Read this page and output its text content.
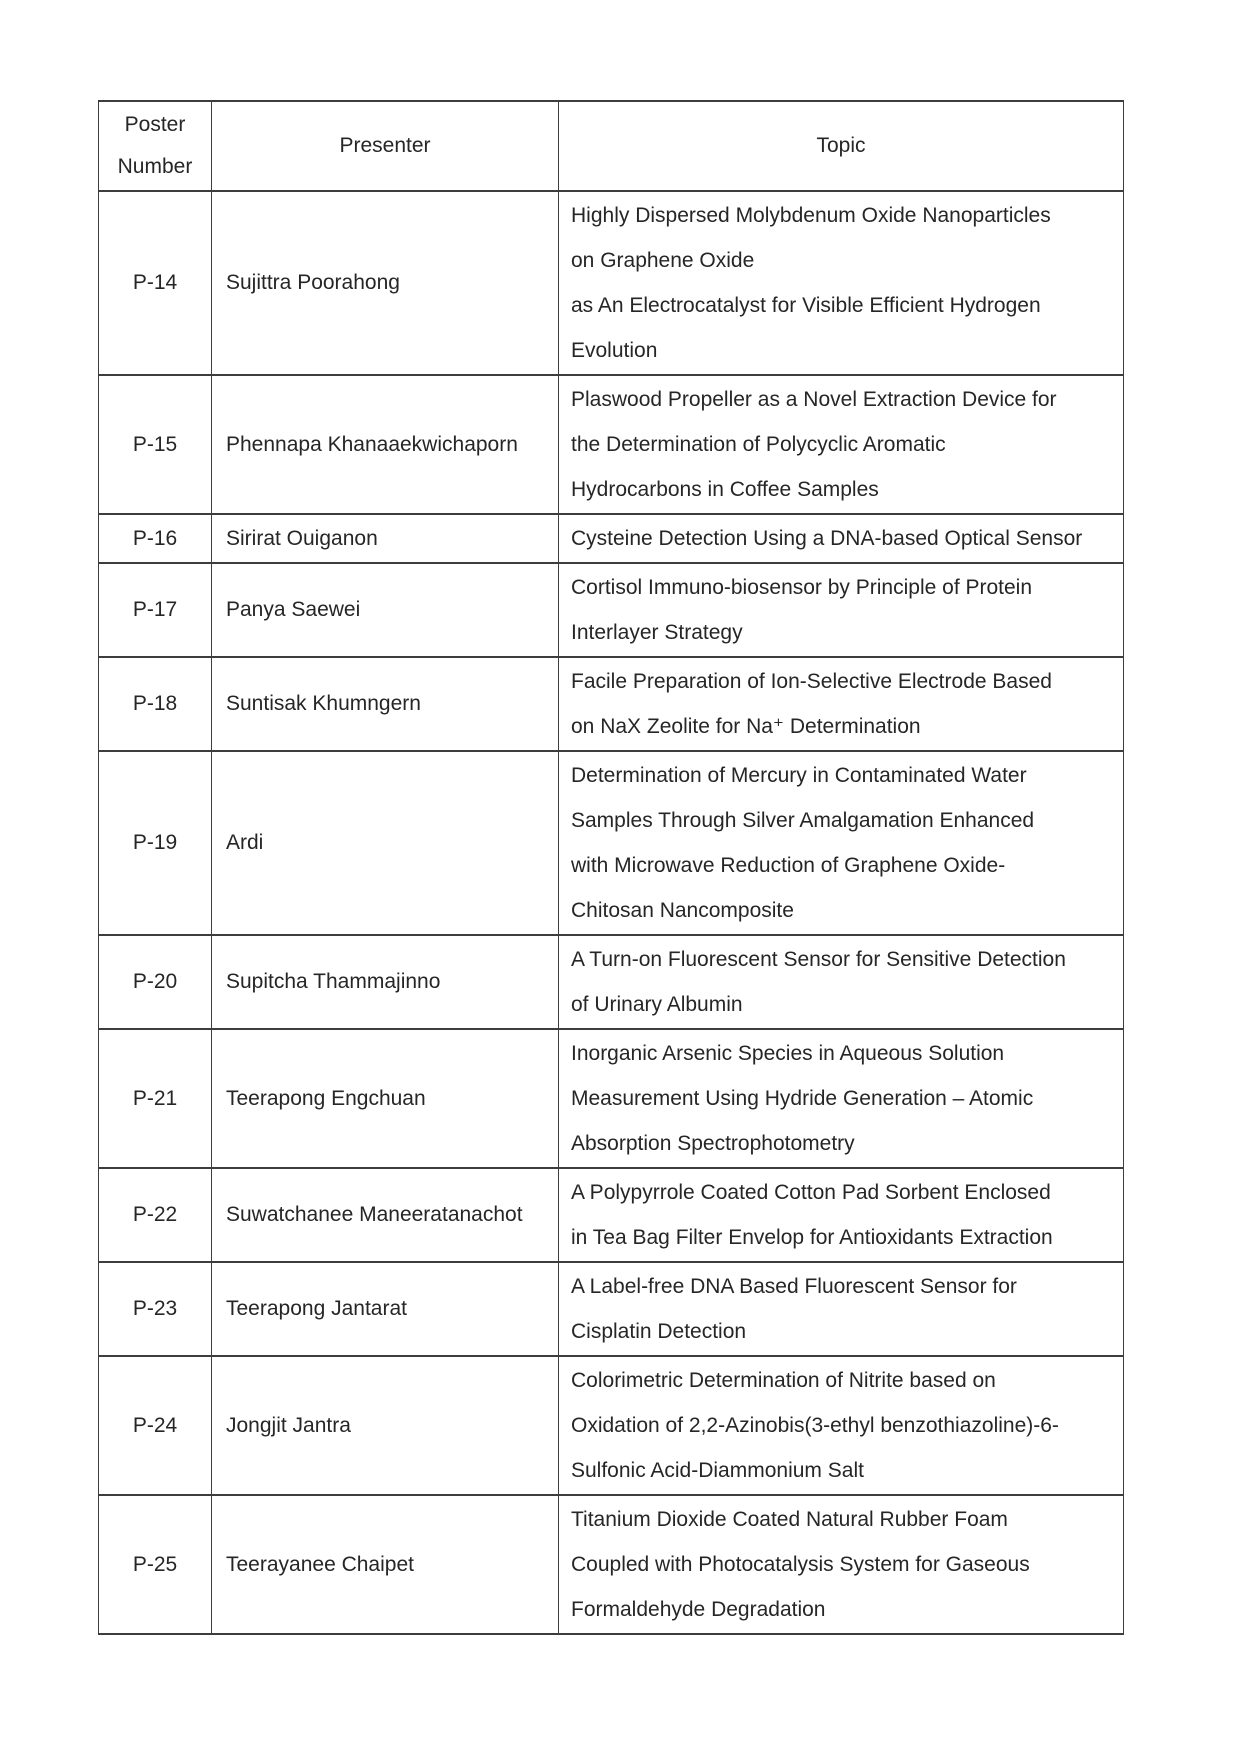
Poster
Number	Presenter	Topic
P-14	Sujittra Poorahong	Highly Dispersed Molybdenum Oxide Nanoparticles
on Graphene Oxide
as An Electrocatalyst for Visible Efficient Hydrogen
Evolution

P-15	Phennapa Khanaaekwichaporn	Plaswood Propeller as a Novel Extraction Device for
the Determination of Polycyclic Aromatic
Hydrocarbons in Coffee Samples

P-16	Sirirat Ouiganon	Cysteine Detection Using a DNA-based Optical Sensor

P-17	Panya Saewei	Cortisol Immuno-biosensor by Principle of Protein
Interlayer Strategy

P-18	Suntisak Khumngern	Facile Preparation of Ion-Selective Electrode Based
on NaX Zeolite for Na⁺ Determination

P-19	Ardi	Determination of Mercury in Contaminated Water
Samples Through Silver Amalgamation Enhanced
with Microwave Reduction of Graphene Oxide-
Chitosan Nancomposite

P-20	Supitcha Thammajinno	A Turn-on Fluorescent Sensor for Sensitive Detection
of Urinary Albumin

P-21	Teerapong Engchuan	Inorganic Arsenic Species in Aqueous Solution
Measurement Using Hydride Generation – Atomic
Absorption Spectrophotometry

P-22	Suwatchanee Maneeratanachot	A Polypyrrole Coated Cotton Pad Sorbent Enclosed
in Tea Bag Filter Envelop for Antioxidants Extraction

P-23	Teerapong Jantarat	A Label-free DNA Based Fluorescent Sensor for
Cisplatin Detection

P-24	Jongjit Jantra	Colorimetric Determination of Nitrite based on
Oxidation of 2,2-Azinobis(3-ethyl benzothiazoline)-6-
Sulfonic Acid-Diammonium Salt

P-25	Teerayanee Chaipet	Titanium Dioxide Coated Natural Rubber Foam
Coupled with Photocatalysis System for Gaseous
Formaldehyde Degradation
